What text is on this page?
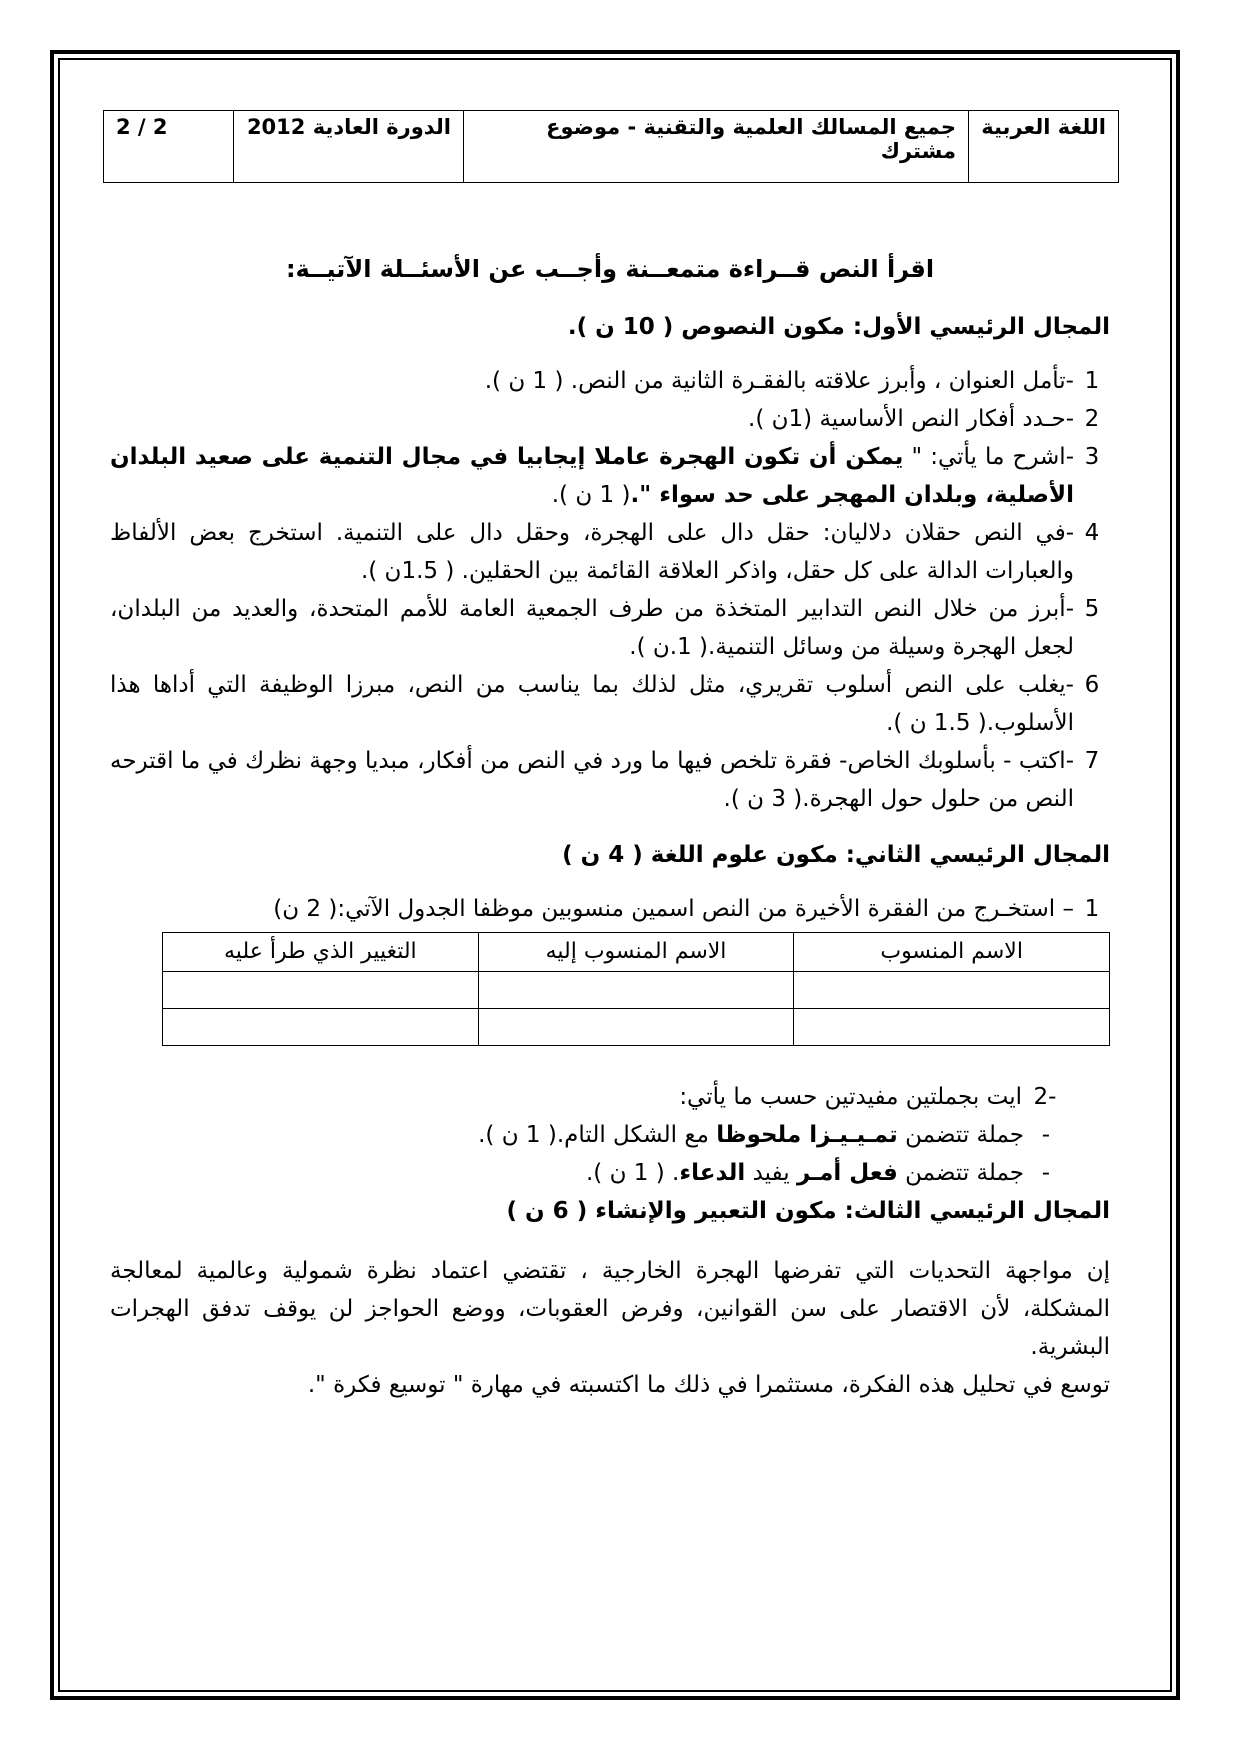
اللغة العربية	جميع المسالك العلمية والتقنية - موضوع مشترك	الدورة العادية 2012	2 / 2

اقرأ النص قــراءة متمعــنة وأجــب عن الأسئــلة الآتيــة:

المجال الرئيسي الأول: مكون النصوص ( 10 ن ).

1
-تأمل العنوان ، وأبرز علاقته بالفقـرة الثانية من النص. ( 1 ن ).
2
-حـدد أفكار النص الأساسية (1ن ).
3
-اشرح ما يأتي: " يمكن أن تكون الهجرة عاملا إيجابيا في مجال التنمية على صعيد البلدان الأصلية، وبلدان المهجر على حد سواء ".( 1 ن ).
4
-في النص حقلان دلاليان: حقل دال على الهجرة، وحقل دال على التنمية. استخرج بعض الألفاظ والعبارات الدالة على كل حقل، واذكر العلاقة القائمة بين الحقلين. ( 1.5ن ).
5
-أبرز من خلال النص التدابير المتخذة من طرف الجمعية العامة للأمم المتحدة، والعديد من البلدان، لجعل الهجرة وسيلة من وسائل التنمية.( 1.ن ).
6
-يغلب على النص أسلوب تقريري، مثل لذلك بما يناسب من النص، مبرزا الوظيفة التي أداها هذا الأسلوب.( 1.5 ن ).
7
-اكتب - بأسلوبك الخاص- فقرة تلخص فيها ما ورد في النص من أفكار، مبديا وجهة نظرك في ما اقترحه النص من حلول حول الهجرة.( 3 ن ).

المجال الرئيسي الثاني: مكون علوم اللغة ( 4 ن )

1
– استخـرج من الفقرة الأخيرة من النص اسمين منسوبين موظفا الجدول الآتي:( 2 ن)
الاسم المنسوب	الاسم المنسوب إليه	التغيير الذي طرأ عليه

-2
ايت بجملتين مفيدتين حسب ما يأتي:
-
جملة تتضمن تمـيـيـزا ملحوظا مع الشكل التام.( 1 ن ).
-
جملة تتضمن فعل أمـر يفيد الدعاء. ( 1 ن ).

المجال الرئيسي الثالث: مكون التعبير والإنشاء ( 6 ن )

إن مواجهة التحديات التي تفرضها الهجرة الخارجية ، تقتضي اعتماد نظرة شمولية وعالمية لمعالجة المشكلة، لأن الاقتصار على سن القوانين، وفرض العقوبات، ووضع الحواجز لن يوقف تدفق الهجرات البشرية.

توسع في تحليل هذه الفكرة، مستثمرا في ذلك ما اكتسبته في مهارة " توسيع فكرة ".
